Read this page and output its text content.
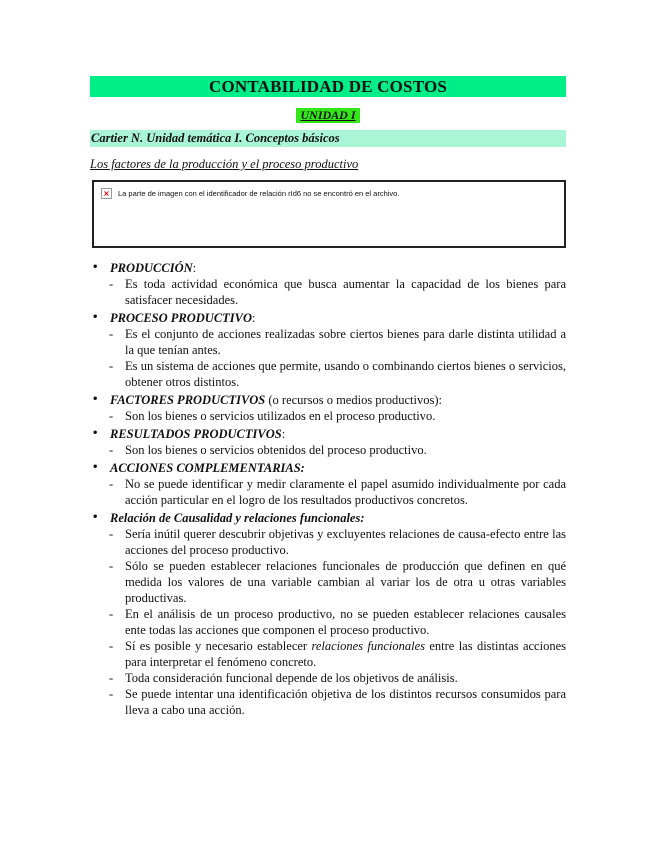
CONTABILIDAD DE COSTOS
UNIDAD I
Cartier N. Unidad temática I. Conceptos básicos
Los factores de la producción y el proceso productivo
× La parte de imagen con el identificador de relación rId6 no se encontró en el archivo.
• PRODUCCIÓN:
- Es toda actividad económica que busca aumentar la capacidad de los bienes para satisfacer necesidades.
• PROCESO PRODUCTIVO:
- Es el conjunto de acciones realizadas sobre ciertos bienes para darle distinta utilidad a la que tenían antes.
- Es un sistema de acciones que permite, usando o combinando ciertos bienes o servicios, obtener otros distintos.
• FACTORES PRODUCTIVOS (o recursos o medios productivos):
- Son los bienes o servicios utilizados en el proceso productivo.
• RESULTADOS PRODUCTIVOS:
- Son los bienes o servicios obtenidos del proceso productivo.
• ACCIONES COMPLEMENTARIAS:
- No se puede identificar y medir claramente el papel asumido individualmente por cada acción particular en el logro de los resultados productivos concretos.
• Relación de Causalidad y relaciones funcionales:
- Sería inútil querer descubrir objetivas y excluyentes relaciones de causa-efecto entre las acciones del proceso productivo.
- Sólo se pueden establecer relaciones funcionales de producción que definen en qué medida los valores de una variable cambian al variar los de otra u otras variables productivas.
- En el análisis de un proceso productivo, no se pueden establecer relaciones causales ente todas las acciones que componen el proceso productivo.
- Sí es posible y necesario establecer relaciones funcionales entre las distintas acciones para interpretar el fenómeno concreto.
- Toda consideración funcional depende de los objetivos de análisis.
- Se puede intentar una identificación objetiva de los distintos recursos consumidos para lleva a cabo una acción.
